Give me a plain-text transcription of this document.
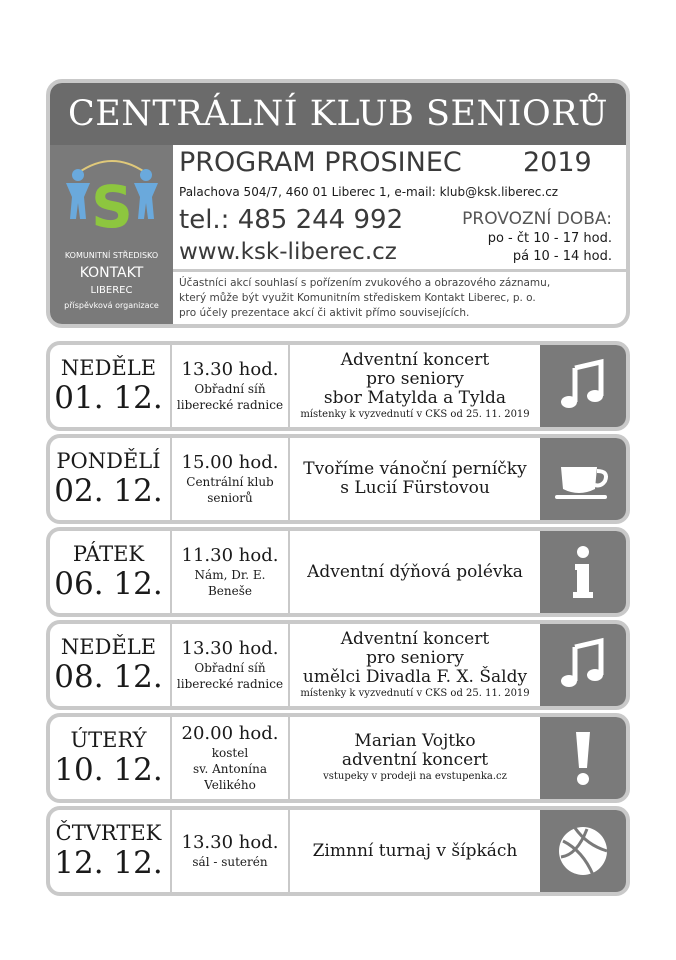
CENTRÁLNÍ KLUB SENIORŮ
S
KOMUNITNÍ STŘEDISKO
KONTAKT
LIBEREC
příspěvková organizace
PROGRAM PROSINEC 2019
Palachova 504/7, 460 01 Liberec 1, e-mail: klub@ksk.liberec.cz
tel.: 485 244 992
www.ksk-liberec.cz
PROVOZNÍ DOBA:
po - čt 10 - 17 hod.
pá 10 - 14 hod.
Účastníci akcí souhlasí s pořízením zvukového a obrazového záznamu,
který může být využit Komunitním střediskem Kontakt Liberec, p. o.
pro účely prezentace akcí či aktivit přímo souvisejících.
NEDĚLE
01. 12.
13.30 hod.
Obřadní síň
liberecké radnice
Adventní koncert
pro seniory
sbor Matylda a Tylda
místenky k vyzvednutí v CKS od 25. 11. 2019
PONDĚLÍ
02. 12.
15.00 hod.
Centrální klub
seniorů
Tvoříme vánoční perníčky
s Lucií Fürstovou
PÁTEK
06. 12.
11.30 hod.
Nám, Dr. E.
Beneše
Adventní dýňová polévka
NEDĚLE
08. 12.
13.30 hod.
Obřadní síň
liberecké radnice
Adventní koncert
pro seniory
umělci Divadla F. X. Šaldy
místenky k vyzvednutí v CKS od 25. 11. 2019
ÚTERÝ
10. 12.
20.00 hod.
kostel
sv. Antonína
Velikého
Marian Vojtko
adventní koncert
vstupeky v prodeji na evstupenka.cz
ČTVRTEK
12. 12.
13.30 hod.
sál - suterén
Zimnní turnaj v šípkách
